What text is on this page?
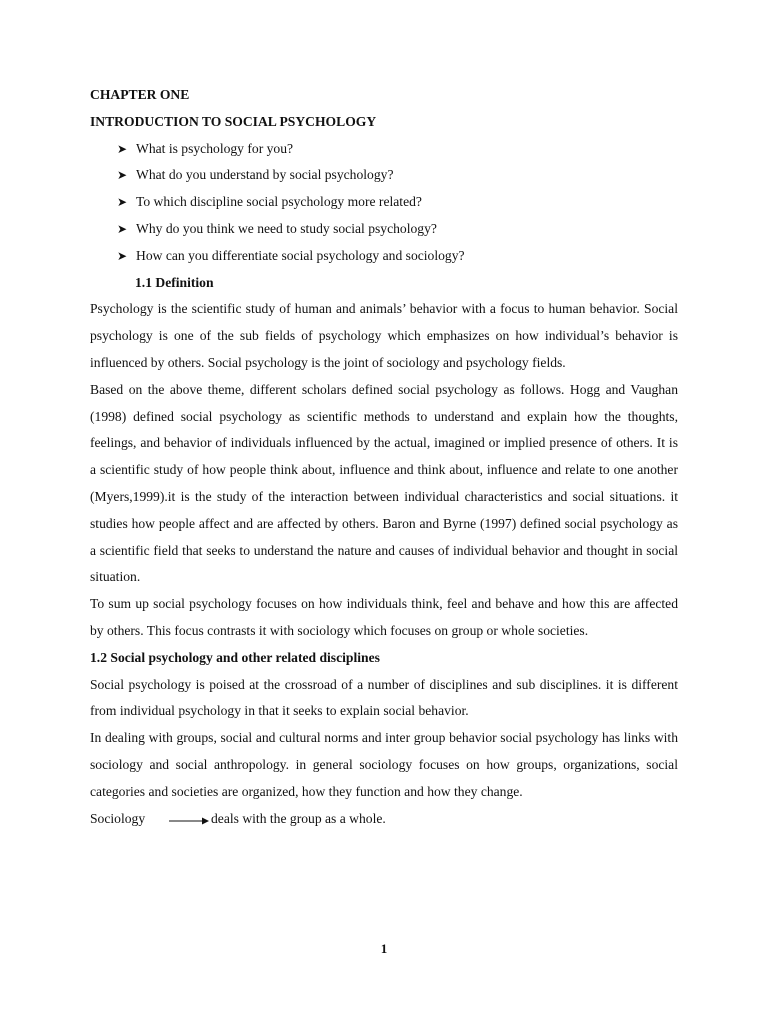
CHAPTER ONE
INTRODUCTION TO SOCIAL PSYCHOLOGY
➤ What is psychology for you?
➤ What do you understand by social psychology?
➤ To which discipline social psychology more related?
➤ Why do you think we need to study social psychology?
➤ How can you differentiate social psychology and sociology?
1.1 Definition

Psychology is the scientific study of human and animals’ behavior with a focus to human behavior. Social psychology is one of the sub fields of psychology which emphasizes on how individual’s behavior is influenced by others. Social psychology is the joint of sociology and psychology fields.

Based on the above theme, different scholars defined social psychology as follows. Hogg and Vaughan (1998) defined social psychology as scientific methods to understand and explain how the thoughts, feelings, and behavior of individuals influenced by the actual, imagined or implied presence of others. It is a scientific study of how people think about, influence and think about, influence and relate to one another (Myers,1999).it is the study of the interaction between individual characteristics and social situations. it studies how people affect and are affected by others. Baron and Byrne (1997) defined social psychology as a scientific field that seeks to understand the nature and causes of individual behavior and thought in social situation.

To sum up social psychology focuses on how individuals think, feel and behave and how this are affected by others. This focus contrasts it with sociology which focuses on group or whole societies.

1.2 Social psychology and other related disciplines

Social psychology is poised at the crossroad of a number of disciplines and sub disciplines. it is different from individual psychology in that it seeks to explain social behavior.

In dealing with groups, social and cultural norms and inter group behavior social psychology has links with sociology and social anthropology. in general sociology focuses on how groups, organizations, social categories and societies are organized, how they function and how they change.

Sociology	deals with the group as a whole.
1
